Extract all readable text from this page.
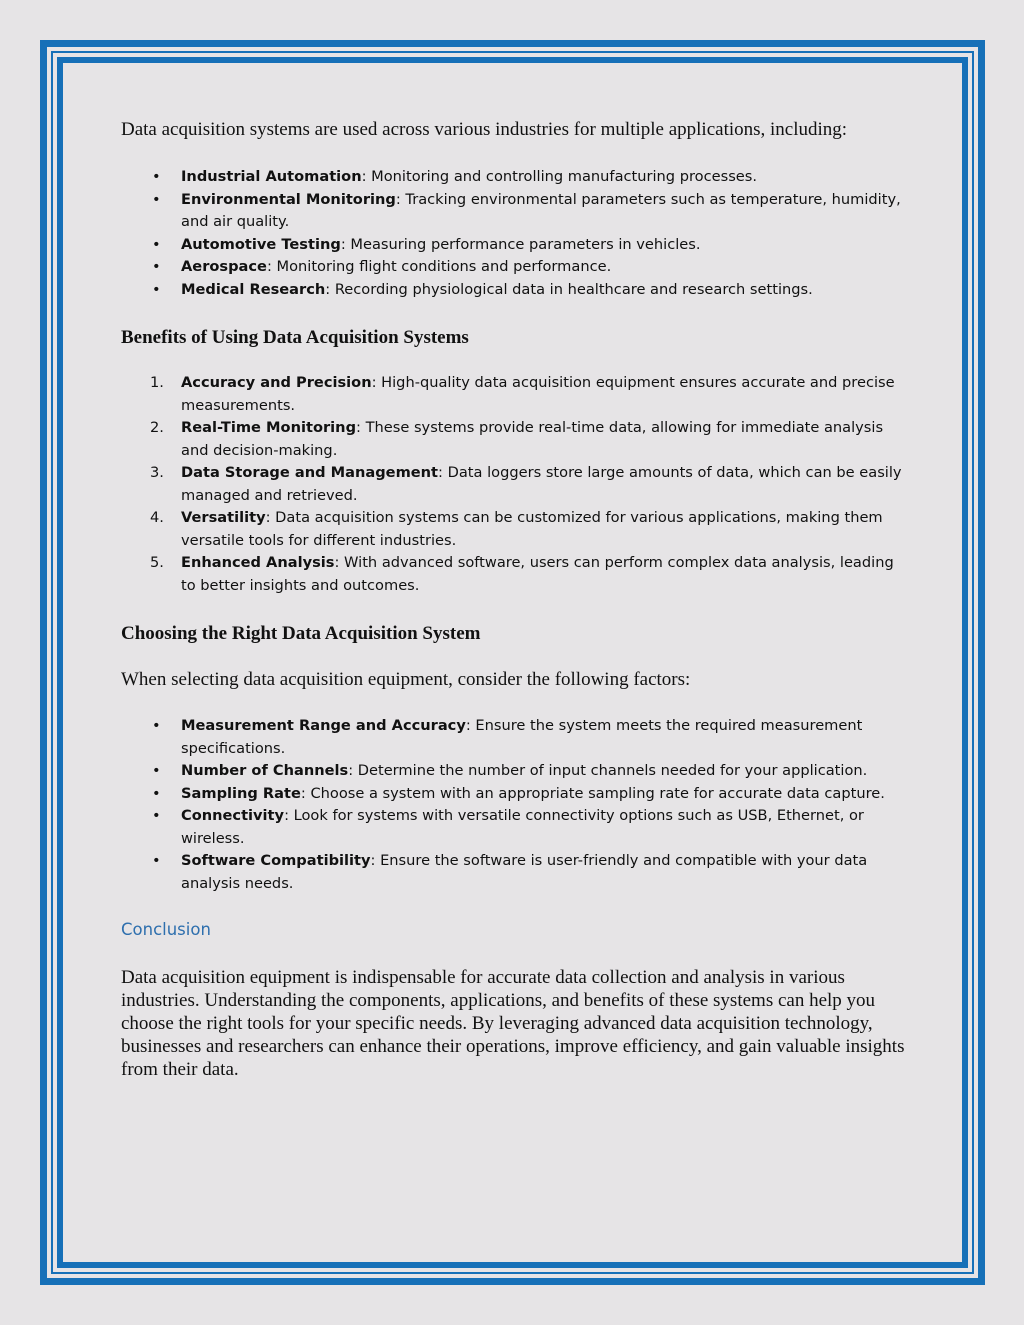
Data acquisition systems are used across various industries for multiple applications, including:

• Industrial Automation: Monitoring and controlling manufacturing processes.
• Environmental Monitoring: Tracking environmental parameters such as temperature, humidity, and air quality.
• Automotive Testing: Measuring performance parameters in vehicles.
• Aerospace: Monitoring flight conditions and performance.
• Medical Research: Recording physiological data in healthcare and research settings.
Benefits of Using Data Acquisition Systems
1. Accuracy and Precision: High-quality data acquisition equipment ensures accurate and precise measurements.
2. Real-Time Monitoring: These systems provide real-time data, allowing for immediate analysis and decision-making.
3. Data Storage and Management: Data loggers store large amounts of data, which can be easily managed and retrieved.
4. Versatility: Data acquisition systems can be customized for various applications, making them versatile tools for different industries.
5. Enhanced Analysis: With advanced software, users can perform complex data analysis, leading to better insights and outcomes.
Choosing the Right Data Acquisition System

When selecting data acquisition equipment, consider the following factors:

• Measurement Range and Accuracy: Ensure the system meets the required measurement specifications.
• Number of Channels: Determine the number of input channels needed for your application.
• Sampling Rate: Choose a system with an appropriate sampling rate for accurate data capture.
• Connectivity: Look for systems with versatile connectivity options such as USB, Ethernet, or wireless.
• Software Compatibility: Ensure the software is user-friendly and compatible with your data analysis needs.
Conclusion

Data acquisition equipment is indispensable for accurate data collection and analysis in various industries. Understanding the components, applications, and benefits of these systems can help you choose the right tools for your specific needs. By leveraging advanced data acquisition technology, businesses and researchers can enhance their operations, improve efficiency, and gain valuable insights from their data.
